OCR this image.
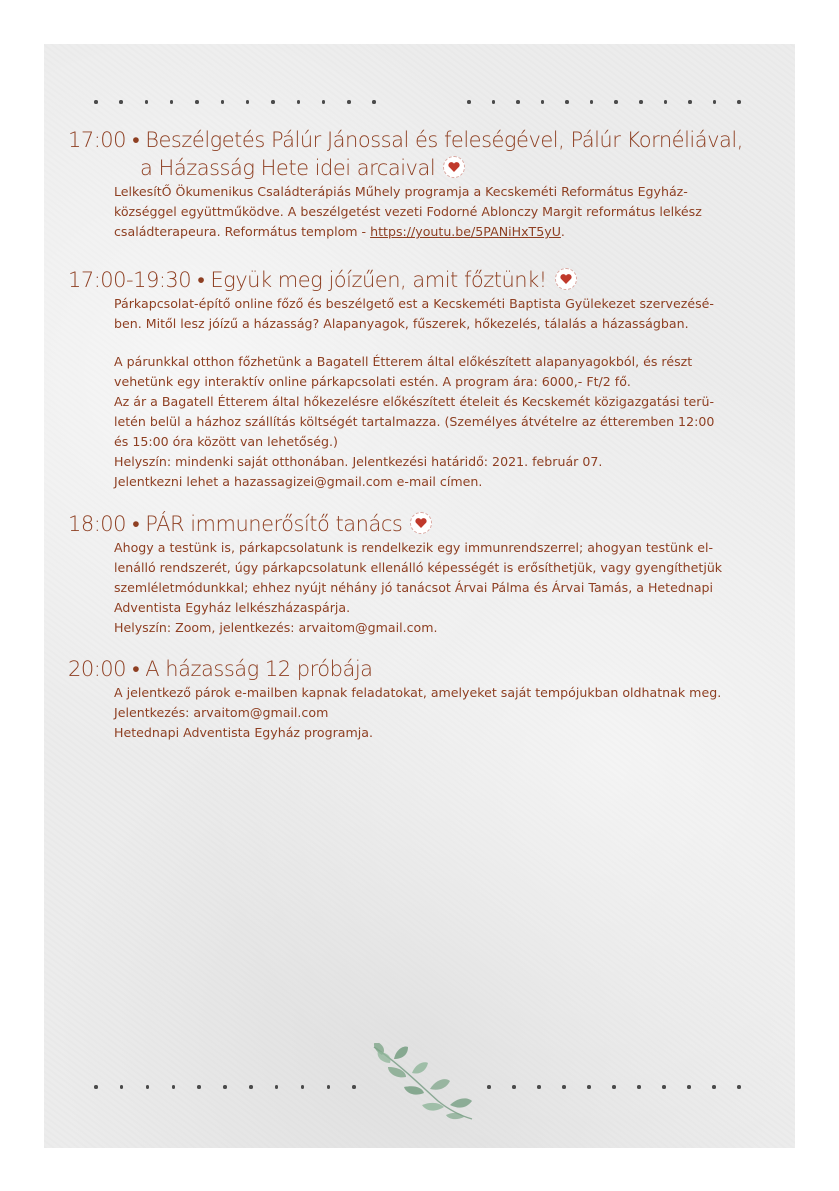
17:00 • Beszélgetés Pálúr Jánossal és feleségével, Pálúr Kornéliával,
a Házasság Hete idei arcaival

LelkesítŐ Ökumenikus Családterápiás Műhely programja a Kecskeméti Református Egyház-

községgel együttműködve. A beszélgetést vezeti Fodorné Ablonczy Margit református lelkész

családterapeura. Református templom - https://youtu.be/5PANiHxT5yU.

17:00-19:30 • Együk meg jóízűen, amit főztünk!

Párkapcsolat-építő online főző és beszélgető est a Kecskeméti Baptista Gyülekezet szervezésé-

ben. Mitől lesz jóízű a házasság? Alapanyagok, fűszerek, hőkezelés, tálalás a házasságban.

A párunkkal otthon főzhetünk a Bagatell Étterem által előkészített alapanyagokból, és részt

vehetünk egy interaktív online párkapcsolati estén. A program ára: 6000,- Ft/2 fő.

Az ár a Bagatell Étterem által hőkezelésre előkészített ételeit és Kecskemét közigazgatási terü-

letén belül a házhoz szállítás költségét tartalmazza. (Személyes átvételre az étteremben 12:00

és 15:00 óra között van lehetőség.)

Helyszín: mindenki saját otthonában. Jelentkezési határidő: 2021. február 07.

Jelentkezni lehet a hazassagizei@gmail.com e-mail címen.

18:00 • PÁR immunerősítő tanács

Ahogy a testünk is, párkapcsolatunk is rendelkezik egy immunrendszerrel; ahogyan testünk el-

lenálló rendszerét, úgy párkapcsolatunk ellenálló képességét is erősíthetjük, vagy gyengíthetjük

szemléletmódunkkal; ehhez nyújt néhány jó tanácsot Árvai Pálma és Árvai Tamás, a Hetednapi

Adventista Egyház lelkészházaspárja.

Helyszín: Zoom, jelentkezés: arvaitom@gmail.com.

20:00 • A házasság 12 próbája

A jelentkező párok e-mailben kapnak feladatokat, amelyeket saját tempójukban oldhatnak meg.

Jelentkezés: arvaitom@gmail.com

Hetednapi Adventista Egyház programja.
